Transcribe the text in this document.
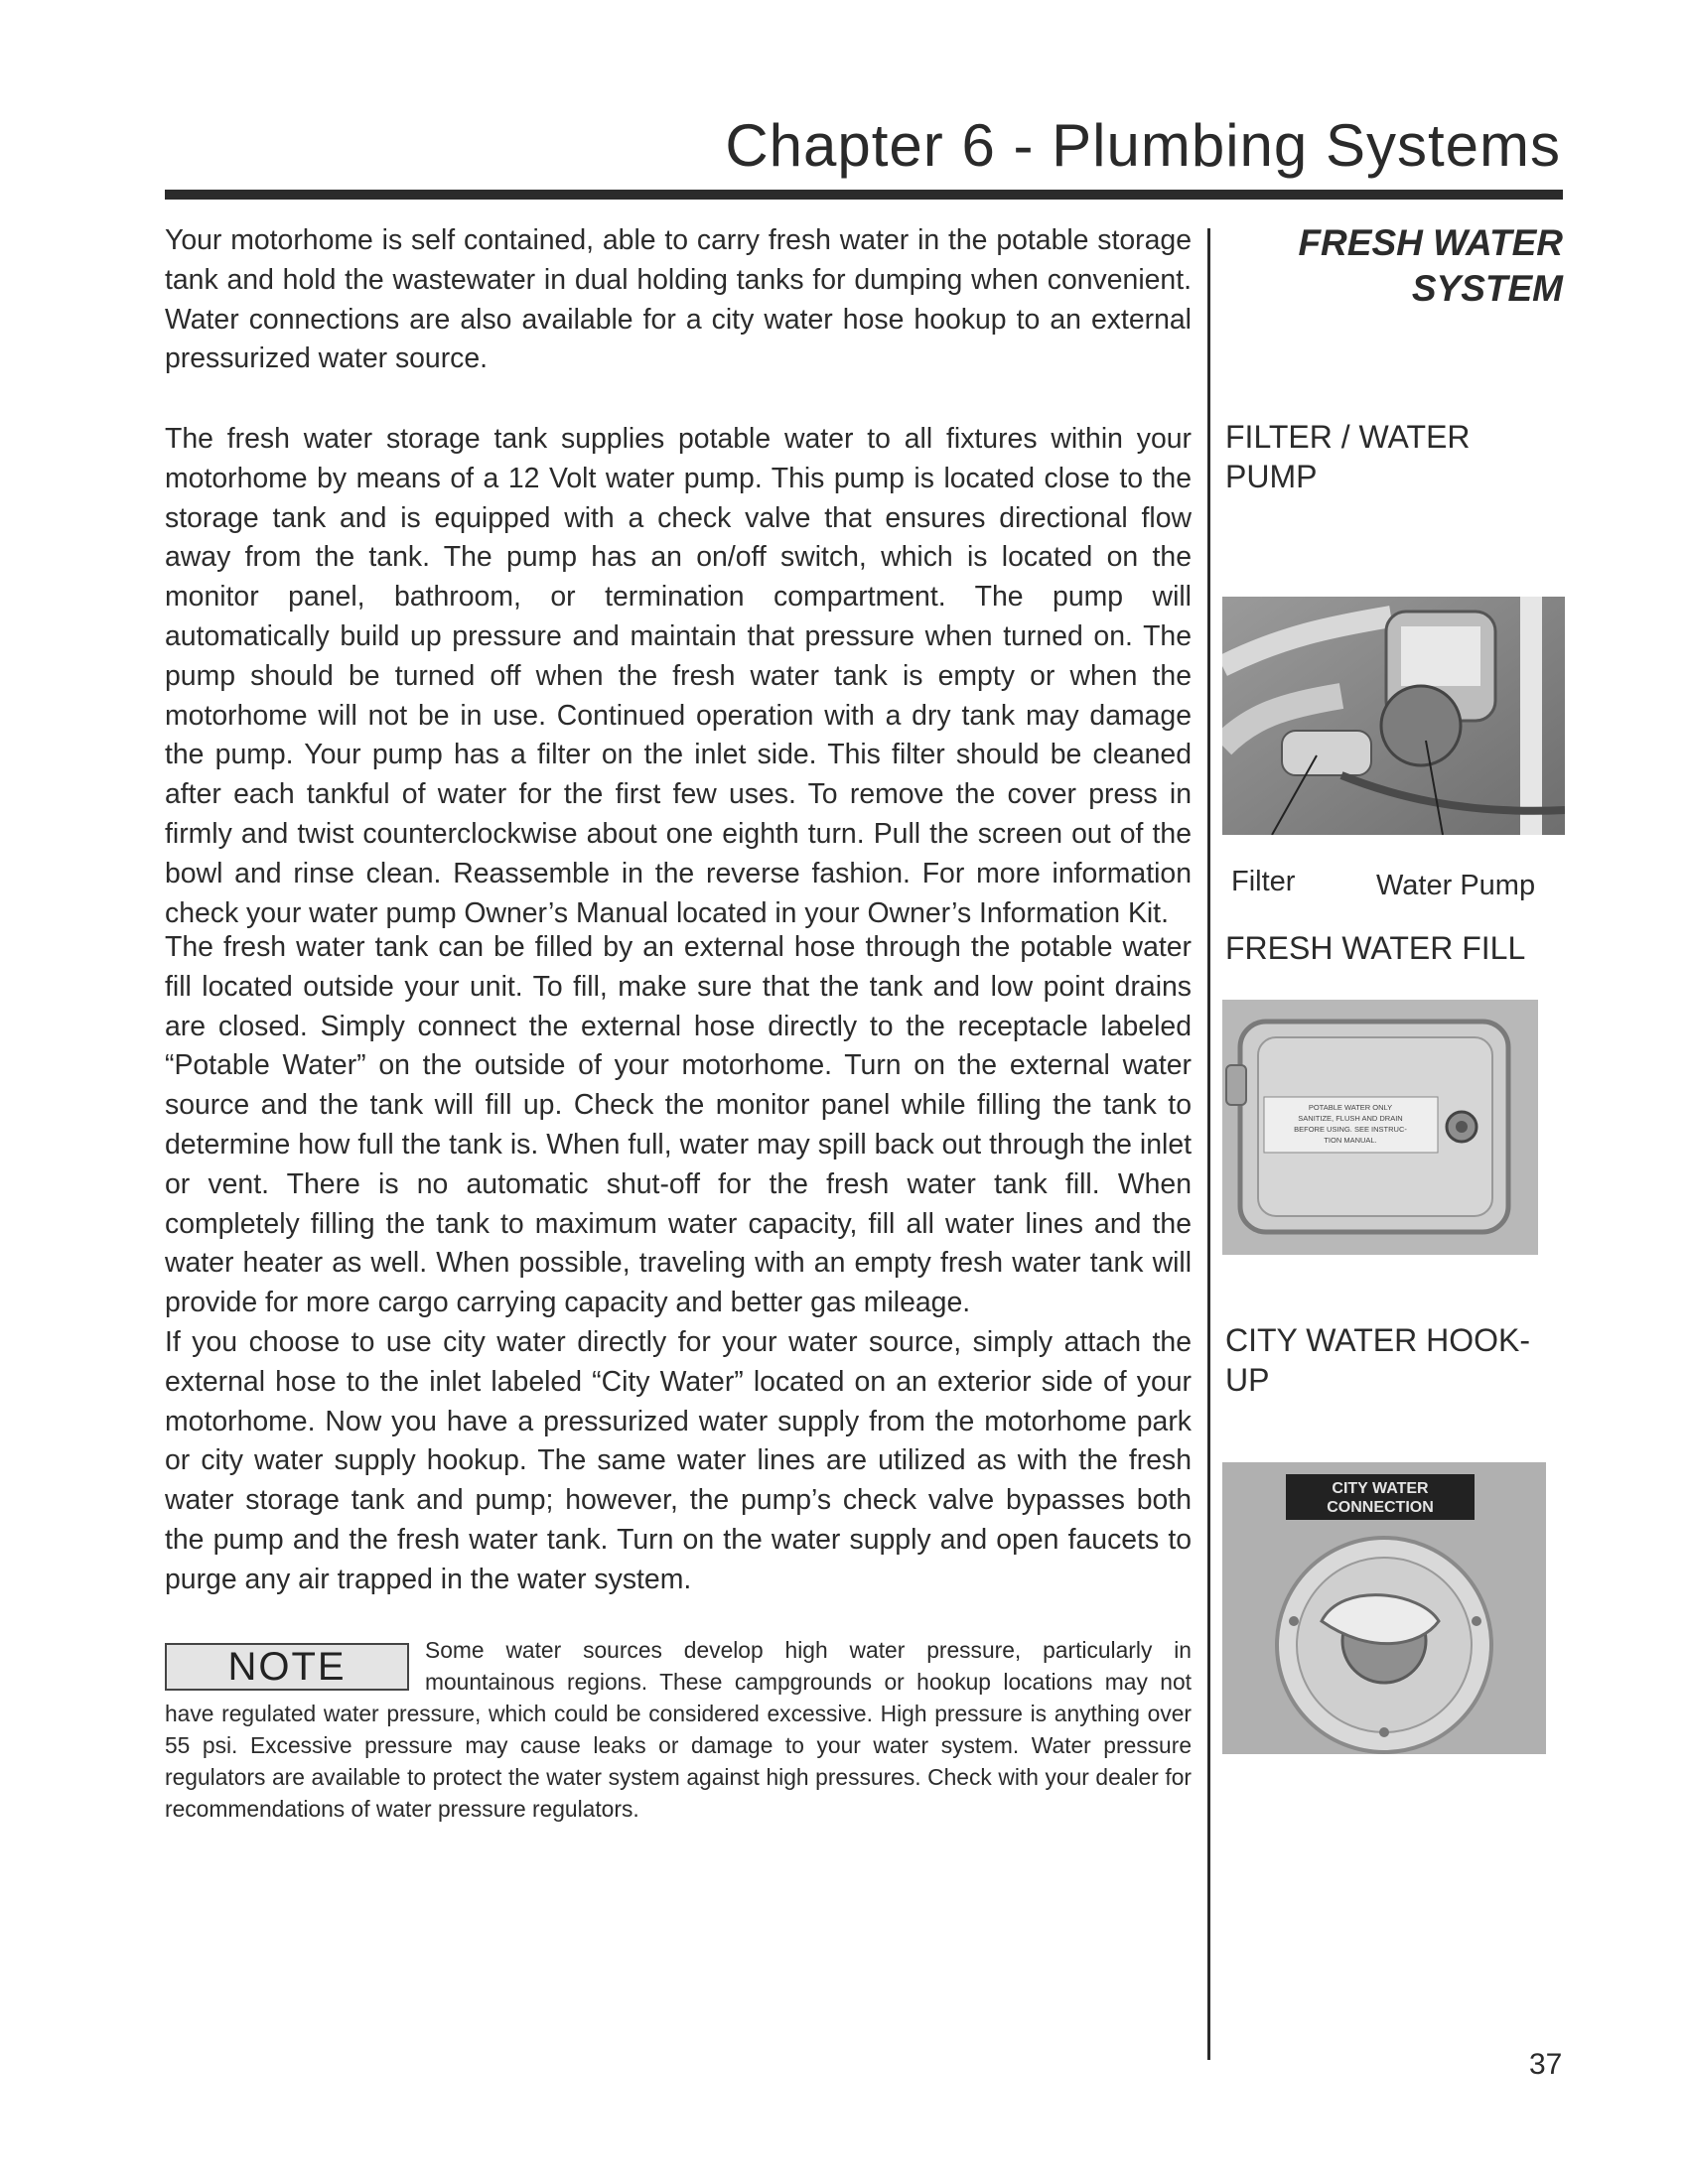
Chapter 6 - Plumbing Systems
FRESH WATER
SYSTEM

Your motorhome is self contained, able to carry fresh water in the potable storage tank and hold the wastewater in dual holding tanks for dumping when convenient. Water connections are also available for a city water hose hookup to an external pressurized water source.

The fresh water storage tank supplies potable water to all fixtures within your motorhome by means of a 12 Volt water pump. This pump is located close to the storage tank and is equipped with a check valve that ensures directional flow away from the tank. The pump has an on/off switch, which is located on the monitor panel, bathroom, or termination compartment. The pump will automatically build up pressure and maintain that pressure when turned on. The pump should be turned off when the fresh water tank is empty or when the motorhome will not be in use. Continued operation with a dry tank may damage the pump. Your pump has a filter on the inlet side. This filter should be cleaned after each tankful of water for the first few uses. To remove the cover press in firmly and twist counterclockwise about one eighth turn. Pull the screen out of the bowl and rinse clean. Reassemble in the reverse fashion. For more information check your water pump Owner’s Manual located in your Owner’s Information Kit.

The fresh water tank can be filled by an external hose through the potable water fill located outside your unit. To fill, make sure that the tank and low point drains are closed. Simply connect the external hose directly to the receptacle labeled “Potable Water” on the outside of your motorhome. Turn on the external water source and the tank will fill up. Check the monitor panel while filling the tank to determine how full the tank is. When full, water may spill back out through the inlet or vent. There is no automatic shut-off for the fresh water tank fill. When completely filling the tank to maximum water capacity, fill all water lines and the water heater as well. When possible, traveling with an empty fresh water tank will provide for more cargo carrying capacity and better gas mileage.

If you choose to use city water directly for your water source, simply attach the external hose to the inlet labeled “City Water” located on an exterior side of your motorhome. Now you have a pressurized water supply from the motorhome park or city water supply hookup. The same water lines are utilized as with the fresh water storage tank and pump; however, the pump’s check valve bypasses both the pump and the fresh water tank. Turn on the water supply and open faucets to purge any air trapped in the water system.

FILTER / WATER PUMP

FRESH WATER FILL

CITY WATER HOOK-UP

Filter	Water Pump
POTABLE WATER ONLY
SANITIZE, FLUSH AND DRAIN
BEFORE USING. SEE INSTRUC-
TION MANUAL.
CITY WATER
CONNECTION
NOTE	Some water sources develop high water pressure, particularly in mountainous regions. These campgrounds or hookup locations may not have regulated water pressure, which could be considered excessive. High pressure is anything over 55 psi. Excessive pressure may cause leaks or damage to your water system. Water pressure regulators are available to protect the water system against high pressures. Check with your dealer for recommendations of water pressure regulators.

37
